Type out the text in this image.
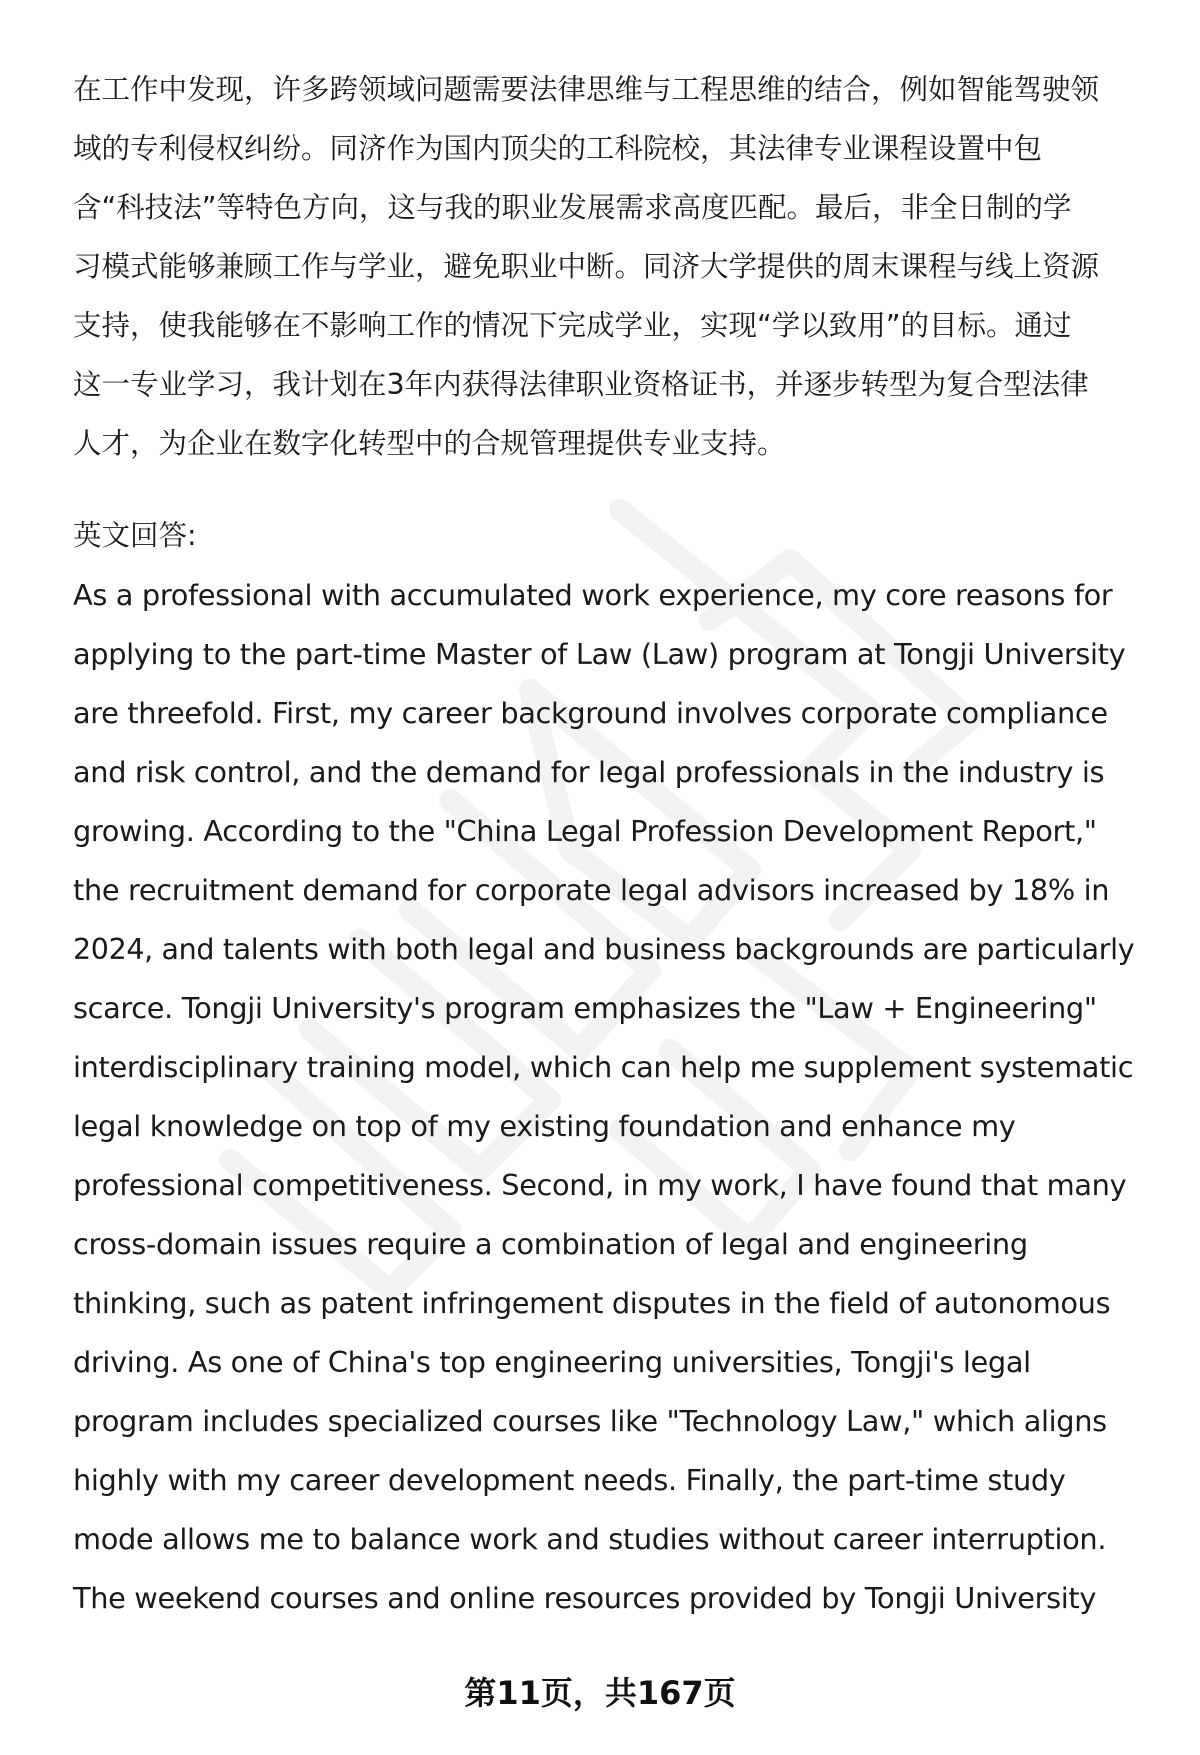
在工作中发现，许多跨领域问题需要法律思维与工程思维的结合，例如智能驾驶领
域的专利侵权纠纷。同济作为国内顶尖的工科院校，其法律专业课程设置中包
含“科技法”等特色方向，这与我的职业发展需求高度匹配。最后，非全日制的学
习模式能够兼顾工作与学业，避免职业中断。同济大学提供的周末课程与线上资源
支持，使我能够在不影响工作的情况下完成学业，实现“学以致用”的目标。通过
这一专业学习，我计划在3年内获得法律职业资格证书，并逐步转型为复合型法律
人才，为企业在数字化转型中的合规管理提供专业支持。
英文回答:
As a professional with accumulated work experience, my core reasons for
applying to the part-time Master of Law (Law) program at Tongji University
are threefold. First, my career background involves corporate compliance
and risk control, and the demand for legal professionals in the industry is
growing. According to the "China Legal Profession Development Report,"
the recruitment demand for corporate legal advisors increased by 18% in
2024, and talents with both legal and business backgrounds are particularly
scarce. Tongji University's program emphasizes the "Law + Engineering"
interdisciplinary training model, which can help me supplement systematic
legal knowledge on top of my existing foundation and enhance my
professional competitiveness. Second, in my work, I have found that many
cross-domain issues require a combination of legal and engineering
thinking, such as patent infringement disputes in the field of autonomous
driving. As one of China's top engineering universities, Tongji's legal
program includes specialized courses like "Technology Law," which aligns
highly with my career development needs. Finally, the part-time study
mode allows me to balance work and studies without career interruption.
The weekend courses and online resources provided by Tongji University
第11页，共167页
